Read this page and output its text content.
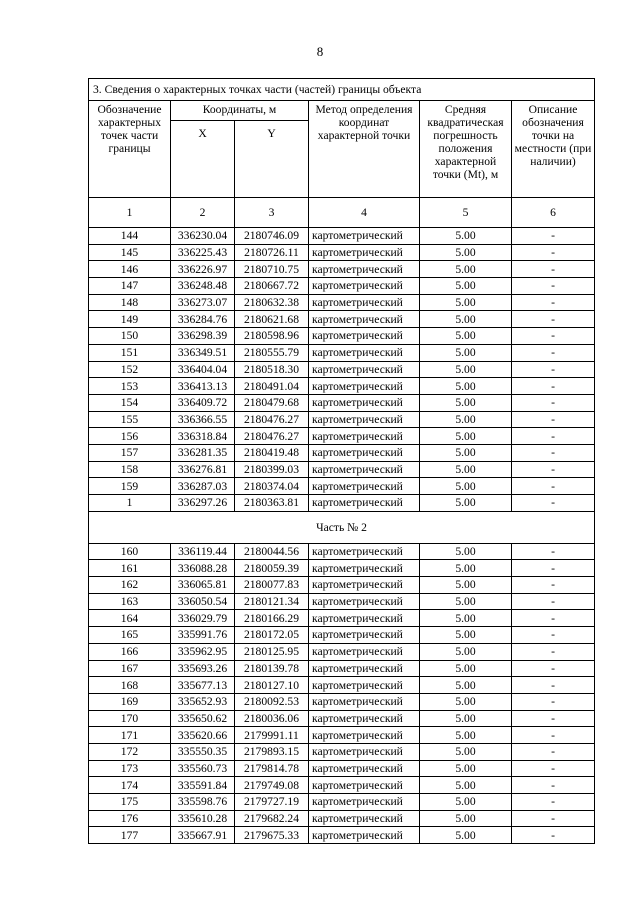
8
3. Сведения о характерных точках части (частей) границы объекта					
Обозначение характерных точек части границы	Координаты, м		Метод определения координат характерной точки	Средняя квадратическая погрешность положения характерной точки (Mt), м	Описание обозначения точки на местности (при наличии)
	X	Y			
1	2	3	4	5	6
144	336230.04	2180746.09	картометрический	5.00	-
145	336225.43	2180726.11	картометрический	5.00	-
146	336226.97	2180710.75	картометрический	5.00	-
147	336248.48	2180667.72	картометрический	5.00	-
148	336273.07	2180632.38	картометрический	5.00	-
149	336284.76	2180621.68	картометрический	5.00	-
150	336298.39	2180598.96	картометрический	5.00	-
151	336349.51	2180555.79	картометрический	5.00	-
152	336404.04	2180518.30	картометрический	5.00	-
153	336413.13	2180491.04	картометрический	5.00	-
154	336409.72	2180479.68	картометрический	5.00	-
155	336366.55	2180476.27	картометрический	5.00	-
156	336318.84	2180476.27	картометрический	5.00	-
157	336281.35	2180419.48	картометрический	5.00	-
158	336276.81	2180399.03	картометрический	5.00	-
159	336287.03	2180374.04	картометрический	5.00	-
1	336297.26	2180363.81	картометрический	5.00	-
Часть № 2					
160	336119.44	2180044.56	картометрический	5.00	-
161	336088.28	2180059.39	картометрический	5.00	-
162	336065.81	2180077.83	картометрический	5.00	-
163	336050.54	2180121.34	картометрический	5.00	-
164	336029.79	2180166.29	картометрический	5.00	-
165	335991.76	2180172.05	картометрический	5.00	-
166	335962.95	2180125.95	картометрический	5.00	-
167	335693.26	2180139.78	картометрический	5.00	-
168	335677.13	2180127.10	картометрический	5.00	-
169	335652.93	2180092.53	картометрический	5.00	-
170	335650.62	2180036.06	картометрический	5.00	-
171	335620.66	2179991.11	картометрический	5.00	-
172	335550.35	2179893.15	картометрический	5.00	-
173	335560.73	2179814.78	картометрический	5.00	-
174	335591.84	2179749.08	картометрический	5.00	-
175	335598.76	2179727.19	картометрический	5.00	-
176	335610.28	2179682.24	картометрический	5.00	-
177	335667.91	2179675.33	картометрический	5.00	-
